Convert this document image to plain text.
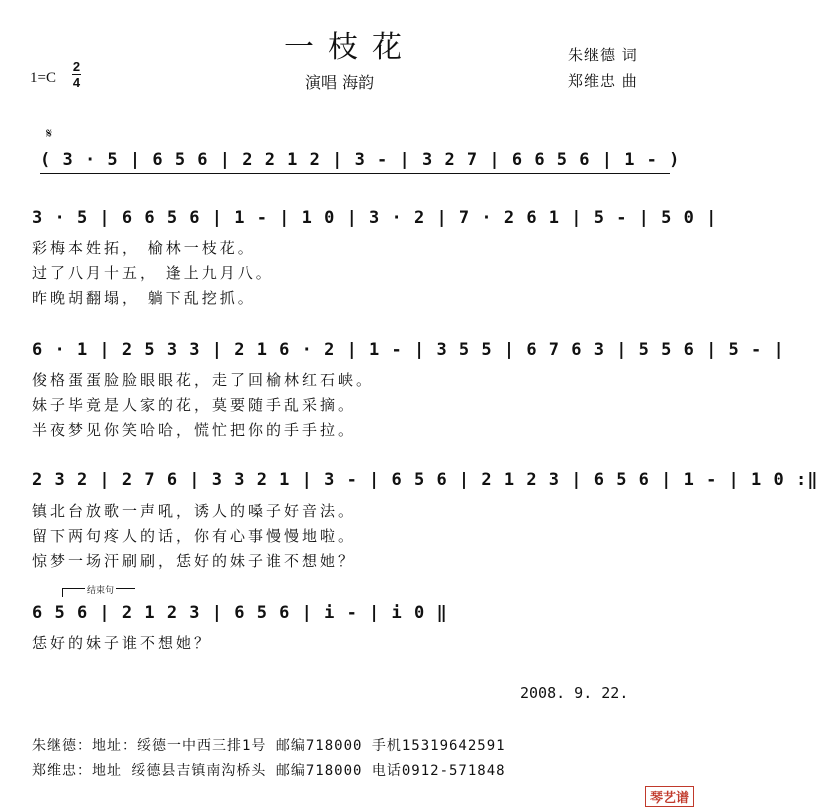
一枝花	朱继德 词
郑维忠 曲
1=C
2
4	演唱 海韵
𝄋
( 3 · 5 | 6 5 6 | 2 2 1 2 | 3 - | 3 2 7 | 6 6 5 6 | 1 - )
3 · 5 | 6 6 5 6 | 1 - | 1 0 | 3 · 2 | 7 · 2 6 1 | 5 - | 5 0 |
彩梅本姓拓， 榆林一枝花。
过了八月十五， 逢上九月八。
昨晚胡翻塌， 躺下乱挖抓。
6 · 1 | 2 5 3 3 | 2 1 6 · 2 | 1 - | 3 5 5 | 6 7 6 3 | 5 5 6 | 5 - |
俊格蛋蛋脸脸眼眼花，走了回榆林红石峡。
妹子毕竟是人家的花，莫要随手乱采摘。
半夜梦见你笑哈哈，慌忙把你的手手拉。
2 3 2 | 2 7 6 | 3 3 2 1 | 3 - | 6 5 6 | 2 1 2 3 | 6 5 6 | 1 - | 1 0 :‖
镇北台放歌一声吼，诱人的嗓子好音法。
留下两句疼人的话，你有心事慢慢地啦。
惊梦一场汗刷刷，恁好的妹子谁不想她？
结束句
6 5 6 | 2 1 2 3 | 6 5 6 | i - | i 0 ‖
恁好的妹子谁不想她？
2008. 9. 22.
朱继德：地址：绥德一中西三排1号 邮编718000 手机15319642591
郑维忠：地址 绥德县吉镇南沟桥头 邮编718000 电话0912-571848
琴艺谱
